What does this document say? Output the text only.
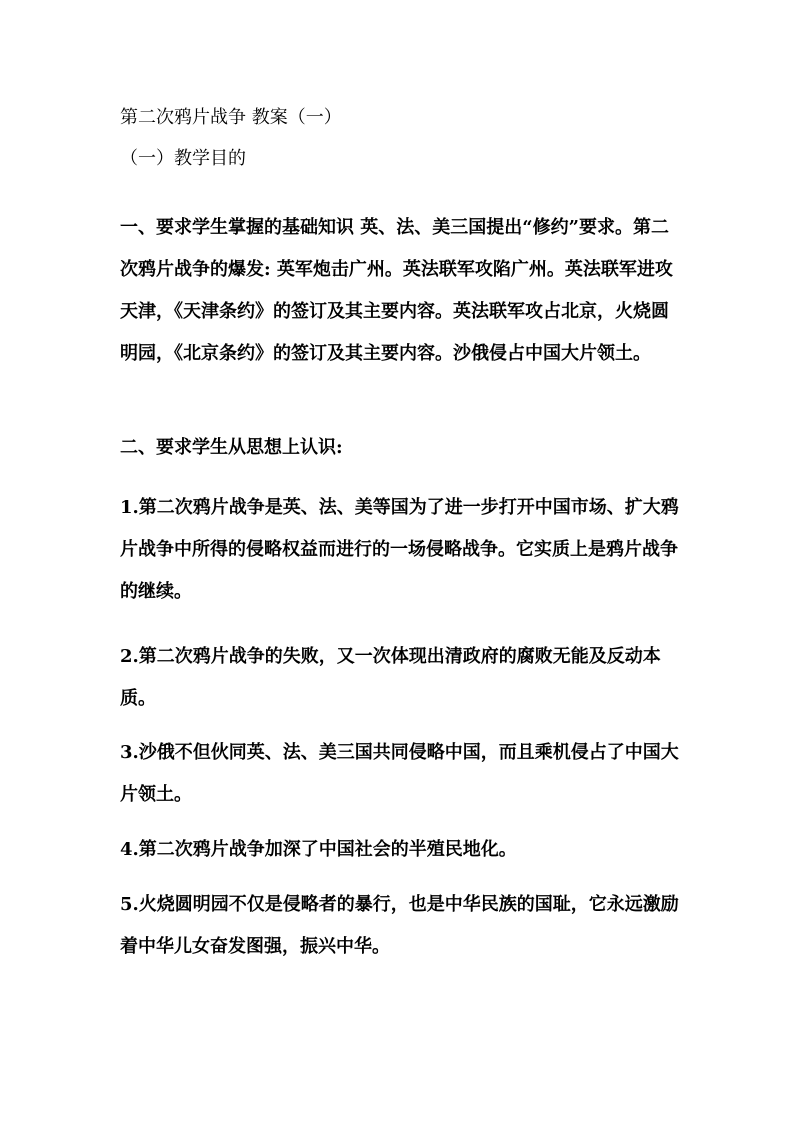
第二次鸦片战争 教案（一）
（一）教学目的
一、要求学生掌握的基础知识 英、法、美三国提出“修约”要求。第二次鸦片战争的爆发: 英军炮击广州。英法联军攻陷广州。英法联军进攻天津，《天津条约》的签订及其主要内容。英法联军攻占北京，火烧圆明园，《北京条约》的签订及其主要内容。沙俄侵占中国大片领土。
二、要求学生从思想上认识:
1.第二次鸦片战争是英、法、美等国为了进一步打开中国市场、扩大鸦片战争中所得的侵略权益而进行的一场侵略战争。它实质上是鸦片战争的继续。
2.第二次鸦片战争的失败，又一次体现出清政府的腐败无能及反动本质。
3.沙俄不但伙同英、法、美三国共同侵略中国，而且乘机侵占了中国大片领土。
4.第二次鸦片战争加深了中国社会的半殖民地化。
5.火烧圆明园不仅是侵略者的暴行，也是中华民族的国耻，它永远激励着中华儿女奋发图强，振兴中华。
